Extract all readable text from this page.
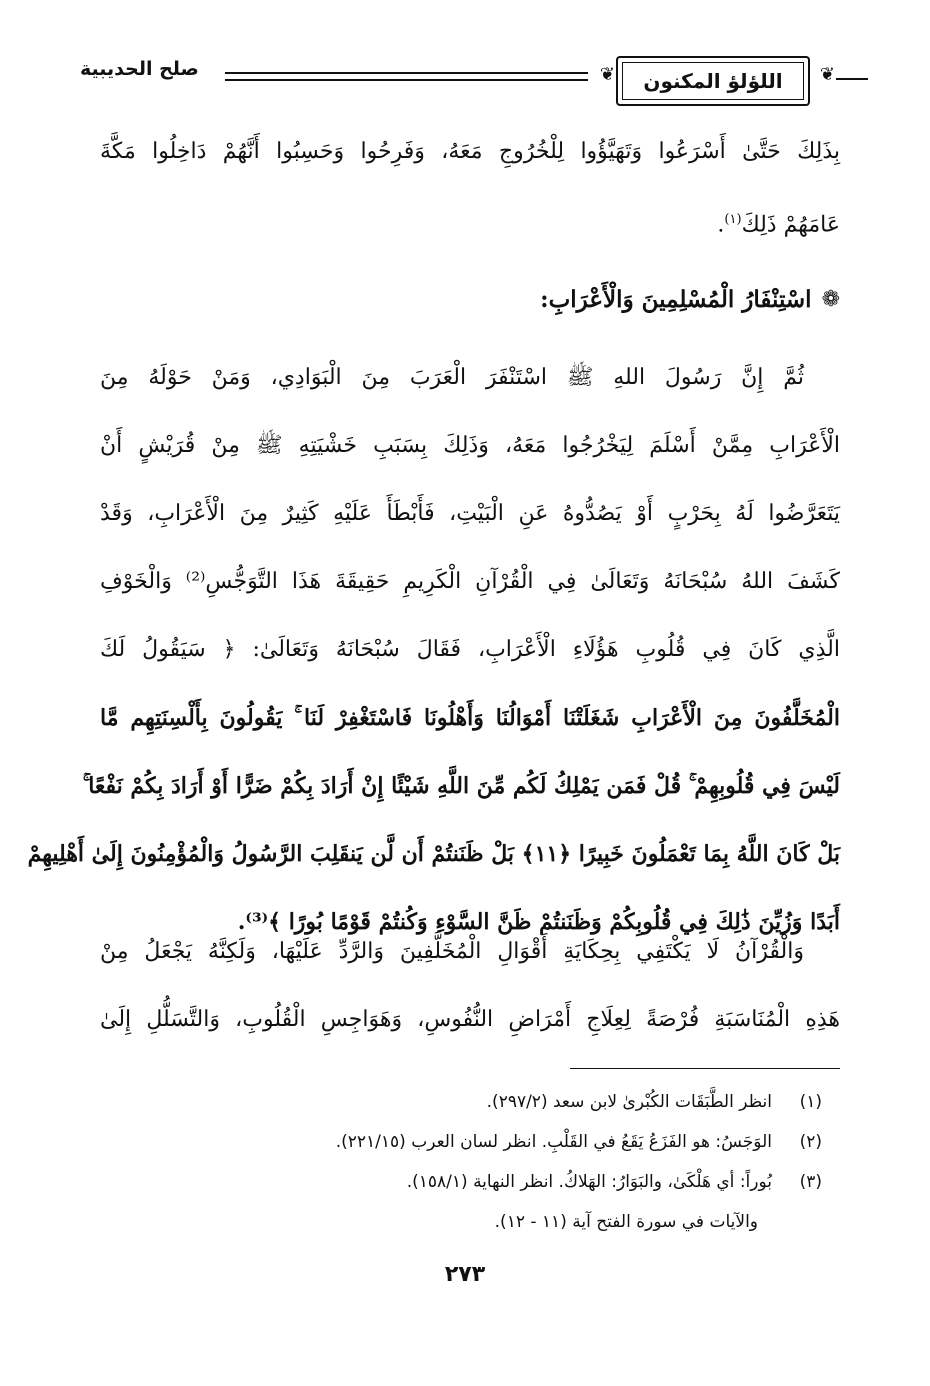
❦ اللؤلؤ المكنون ❦
صلح الحديبية
بِذَلِكَ حَتَّىٰ أَسْرَعُوا وَتَهَيَّؤُوا لِلْخُرُوجِ مَعَهُ، وَفَرِحُوا وَحَسِبُوا أَنَّهُمْ دَاخِلُوا مَكَّةَ
عَامَهُمْ ذَلِكَ$^{(١)}$.
❁
اسْتِنْفَارُ الْمُسْلِمِينَ وَالْأَعْرَابِ:
ثُمَّ إِنَّ رَسُولَ اللهِ ﷺ اسْتَنْفَرَ الْعَرَبَ مِنَ الْبَوَادِي، وَمَنْ حَوْلَهُ مِنَ
الْأَعْرَابِ مِمَّنْ أَسْلَمَ لِيَخْرُجُوا مَعَهُ، وَذَلِكَ بِسَبَبِ خَشْيَتِهِ ﷺ مِنْ قُرَيْشٍ أَنْ
يَتَعَرَّضُوا لَهُ بِحَرْبٍ أَوْ يَصُدُّوهُ عَنِ الْبَيْتِ، فَأَبْطَأَ عَلَيْهِ كَثِيرٌ مِنَ الْأَعْرَابِ، وَقَدْ
كَشَفَ اللهُ سُبْحَانَهُ وَتَعَالَىٰ فِي الْقُرْآنِ الْكَرِيمِ حَقِيقَةَ هَذَا التَّوَجُّسِ⁽²⁾ وَالْخَوْفِ
الَّذِي كَانَ فِي قُلُوبِ هَؤُلَاءِ الْأَعْرَابِ، فَقَالَ سُبْحَانَهُ وَتَعَالَىٰ: ﴿ سَيَقُولُ لَكَ
الْمُخَلَّفُونَ مِنَ الْأَعْرَابِ شَغَلَتْنَا أَمْوَالُنَا وَأَهْلُونَا فَاسْتَغْفِرْ لَنَا ۚ يَقُولُونَ بِأَلْسِنَتِهِم مَّا
لَيْسَ فِي قُلُوبِهِمْ ۚ قُلْ فَمَن يَمْلِكُ لَكُم مِّنَ اللَّهِ شَيْئًا إِنْ أَرَادَ بِكُمْ ضَرًّا أَوْ أَرَادَ بِكُمْ نَفْعًا ۚ
بَلْ كَانَ اللَّهُ بِمَا تَعْمَلُونَ خَبِيرًا ﴿١١﴾ بَلْ ظَنَنتُمْ أَن لَّن يَنقَلِبَ الرَّسُولُ وَالْمُؤْمِنُونَ إِلَىٰ أَهْلِيهِمْ
أَبَدًا وَزُيِّنَ ذَٰلِكَ فِي قُلُوبِكُمْ وَظَنَنتُمْ ظَنَّ السَّوْءِ وَكُنتُمْ قَوْمًا بُورًا ﴾⁽³⁾.
وَالْقُرْآنُ لَا يَكْتَفِي بِحِكَايَةِ أَقْوَالِ الْمُخَلَّفِينَ وَالرَّدِّ عَلَيْهَا، وَلَكِنَّهُ يَجْعَلُ مِنْ
هَذِهِ الْمُنَاسَبَةِ فُرْصَةً لِعِلَاجِ أَمْرَاضِ النُّفُوسِ، وَهَوَاجِسِ الْقُلُوبِ، وَالتَّسَلُّلِ إِلَىٰ
(١)
انظر الطَّبَقَات الكُبْرىٰ لابن سعد (٢٩٧/٢).
(٢)
الوَجَسُ: هو الفَزَعُ يَقَعُ في القَلْبِ. انظر لسان العرب (٢٢١/١٥).
(٣)
بُوراً: أي هَلْكَىٰ، والبَوَارُ: الهَلاكُ. انظر النهاية (١٥٨/١).
والآيات في سورة الفتح آية (١١ - ١٢).
٢٧٣
